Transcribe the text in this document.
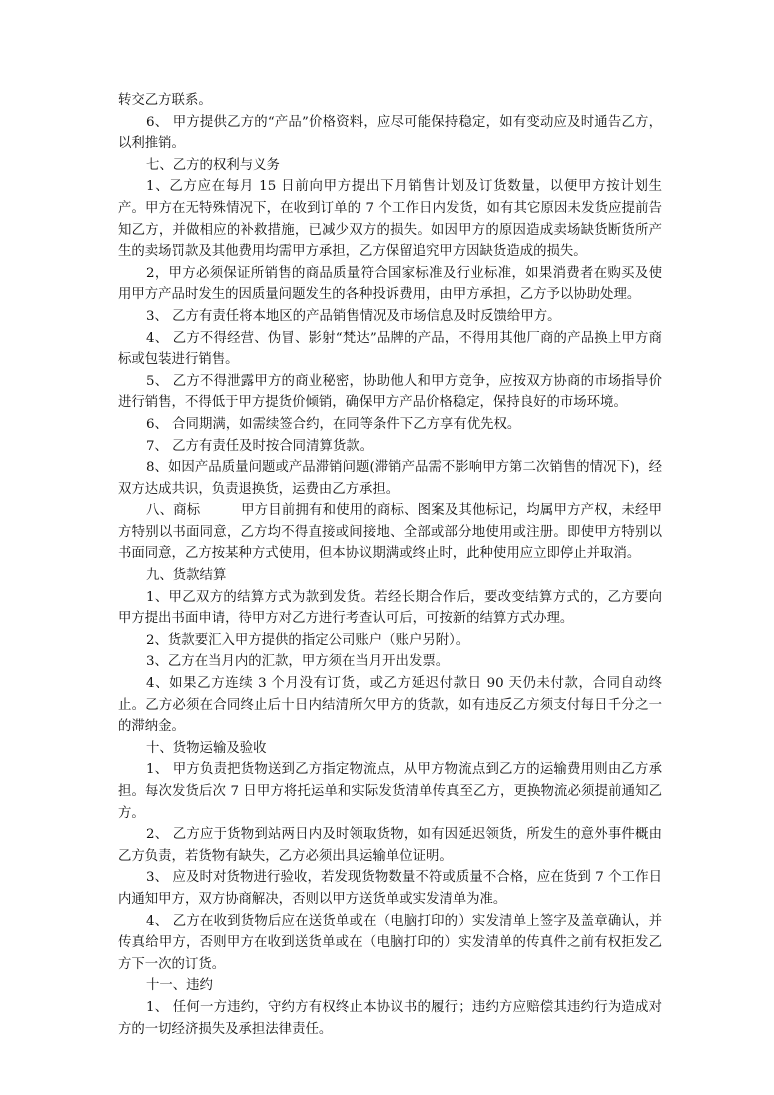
转交乙方联系。

6、 甲方提供乙方的“产品”价格资料，应尽可能保持稳定，如有变动应及时通告乙方，以利推销。

七、乙方的权利与义务

1、乙方应在每月 15 日前向甲方提出下月销售计划及订货数量，以便甲方按计划生产。甲方在无特殊情况下，在收到订单的 7 个工作日内发货，如有其它原因未发货应提前告知乙方，并做相应的补救措施，已减少双方的损失。如因甲方的原因造成卖场缺货断货所产生的卖场罚款及其他费用均需甲方承担，乙方保留追究甲方因缺货造成的损失。

2，甲方必须保证所销售的商品质量符合国家标准及行业标准，如果消费者在购买及使用甲方产品时发生的因质量问题发生的各种投诉费用，由甲方承担，乙方予以协助处理。

3、 乙方有责任将本地区的产品销售情况及市场信息及时反馈给甲方。

4、 乙方不得经营、伪冒、影射“梵达”品牌的产品，不得用其他厂商的产品换上甲方商标或包装进行销售。

5、 乙方不得泄露甲方的商业秘密，协助他人和甲方竞争，应按双方协商的市场指导价进行销售，不得低于甲方提货价倾销，确保甲方产品价格稳定，保持良好的市场环境。

6、 合同期满，如需续签合约，在同等条件下乙方享有优先权。

7、 乙方有责任及时按合同清算货款。

8、如因产品质量问题或产品滞销问题(滞销产品需不影响甲方第二次销售的情况下)，经双方达成共识，负责退换货，运费由乙方承担。

八、商标　　　甲方目前拥有和使用的商标、图案及其他标记，均属甲方产权，未经甲方特别以书面同意，乙方均不得直接或间接地、全部或部分地使用或注册。即使甲方特别以书面同意，乙方按某种方式使用，但本协议期满或终止时，此种使用应立即停止并取消。

九、货款结算

1、甲乙双方的结算方式为款到发货。若经长期合作后，要改变结算方式的，乙方要向甲方提出书面申请，待甲方对乙方进行考查认可后，可按新的结算方式办理。

2、货款要汇入甲方提供的指定公司账户（账户另附）。

3、乙方在当月内的汇款，甲方须在当月开出发票。

4、如果乙方连续 3 个月没有订货，或乙方延迟付款日 90 天仍未付款，合同自动终止。乙方必须在合同终止后十日内结清所欠甲方的货款，如有违反乙方须支付每日千分之一的滞纳金。

十、货物运输及验收

1、 甲方负责把货物送到乙方指定物流点，从甲方物流点到乙方的运输费用则由乙方承担。每次发货后次 7 日甲方将托运单和实际发货清单传真至乙方，更换物流必须提前通知乙方。

2、 乙方应于货物到站两日内及时领取货物，如有因延迟领货，所发生的意外事件概由乙方负责，若货物有缺失，乙方必须出具运输单位证明。

3、 应及时对货物进行验收，若发现货物数量不符或质量不合格，应在货到 7 个工作日内通知甲方，双方协商解决，否则以甲方送货单或实发清单为准。

4、 乙方在收到货物后应在送货单或在（电脑打印的）实发清单上签字及盖章确认，并传真给甲方，否则甲方在收到送货单或在（电脑打印的）实发清单的传真件之前有权拒发乙方下一次的订货。

十一、违约

1、 任何一方违约，守约方有权终止本协议书的履行；违约方应赔偿其违约行为造成对方的一切经济损失及承担法律责任。
